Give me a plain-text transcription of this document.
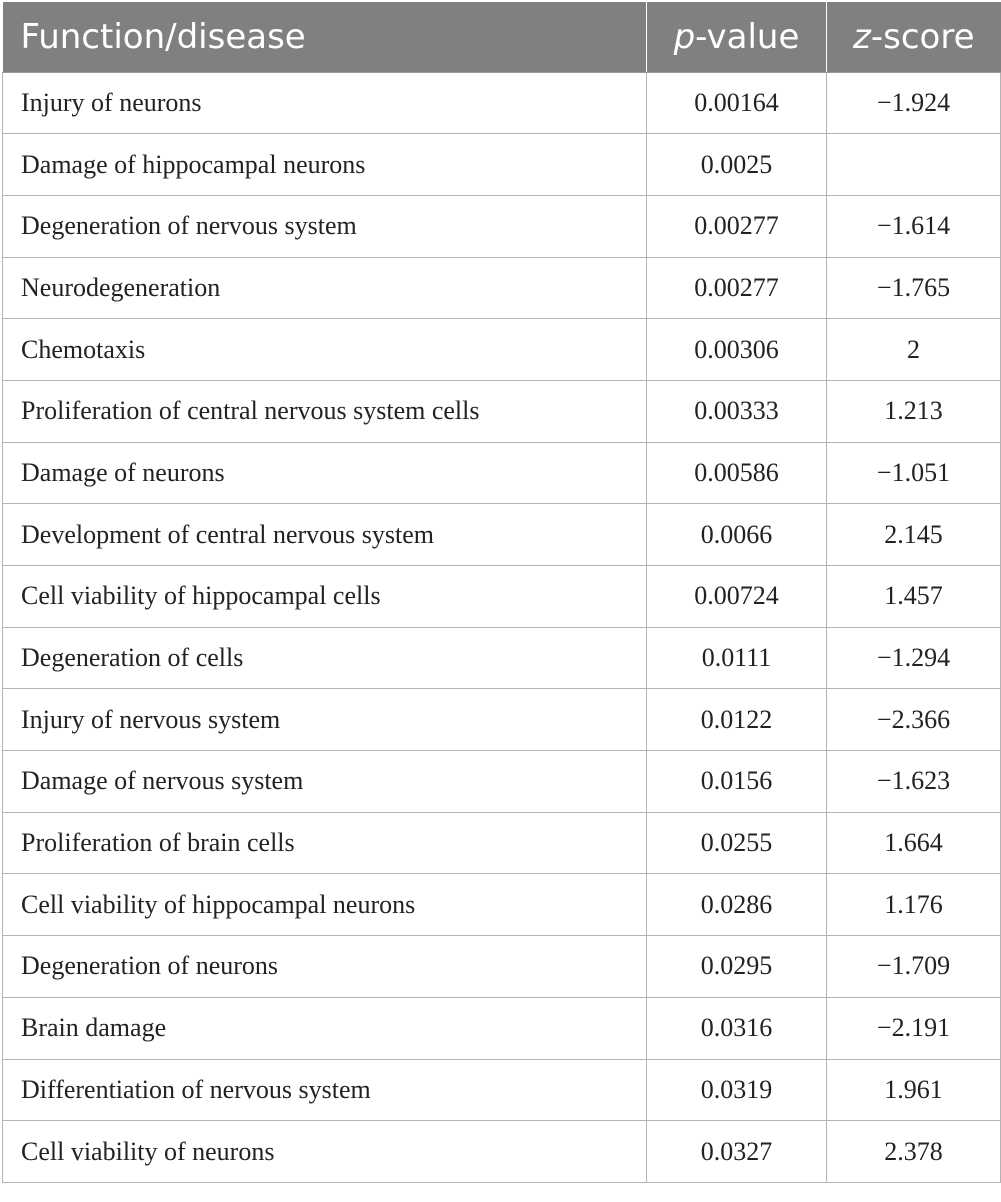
Function/disease	p-value	z-score
Injury of neurons	0.00164	−1.924
Damage of hippocampal neurons	0.0025	
Degeneration of nervous system	0.00277	−1.614
Neurodegeneration	0.00277	−1.765
Chemotaxis	0.00306	2
Proliferation of central nervous system cells	0.00333	1.213
Damage of neurons	0.00586	−1.051
Development of central nervous system	0.0066	2.145
Cell viability of hippocampal cells	0.00724	1.457
Degeneration of cells	0.0111	−1.294
Injury of nervous system	0.0122	−2.366
Damage of nervous system	0.0156	−1.623
Proliferation of brain cells	0.0255	1.664
Cell viability of hippocampal neurons	0.0286	1.176
Degeneration of neurons	0.0295	−1.709
Brain damage	0.0316	−2.191
Differentiation of nervous system	0.0319	1.961
Cell viability of neurons	0.0327	2.378
